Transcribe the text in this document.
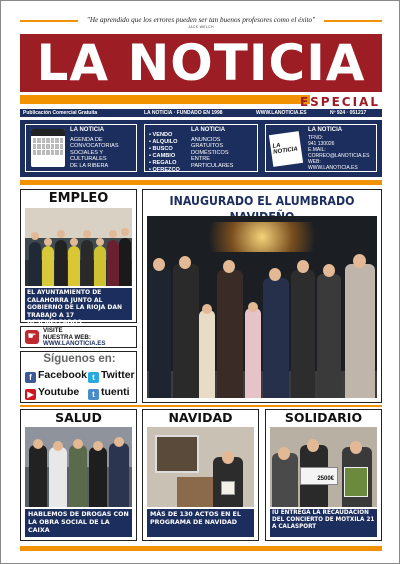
"He aprendido que los errores pueden ser tan buenos profesores como el éxito"
JACK WELCH
LA NOTICIA
ESPECIAL
Publicación Comercial Gratuita	LA NOTICIA · FUNDADO EN 1998	WWW.LANOTICIA.ES	Nº 924 · 051217
LA NOTICIA
AGENDA DE
CONVOCATORIAS
SOCIALES Y
CULTURALES
DE LA RIBERA
• VENDO
• ALQUILO
• BUSCO
• CAMBIO
• REGALO
• OFREZCO
LA NOTICIA
ANUNCIOS
GRATUITOS
DOMÉSTICOS
ENTRE
PARTICULARES
LA NOTICIA
LA NOTICIA
TFNO:
941 130026
E.MAIL:
CORREO@LANOTICIA.ES
WEB:
WWW.LANOTICIA.ES
EMPLEO
EL AYUNTAMIENTO DE CALAHORRA JUNTO AL GOBIERNO DE LA RIOJA DAN TRABAJO A 17 DESEMPLEADOS
☛
VISITE
NUESTRA WEB:
WWW.LANOTICIA.ES
Síguenos en:
f Facebook t Twitter
▶ Youtube	t tuenti
INAUGURADO EL ALUMBRADO
SALUD
HABLEMOS DE DROGAS CON LA OBRA SOCIAL DE LA CAIXA
NAVIDAD
MÁS DE 130 ACTOS EN EL PROGRAMA DE NAVIDAD
SOLIDARIO
2500€
IU ENTREGA LA RECAUDACIÓN DEL CONCIERTO DE MOTXILA 21 A CALASPORT
